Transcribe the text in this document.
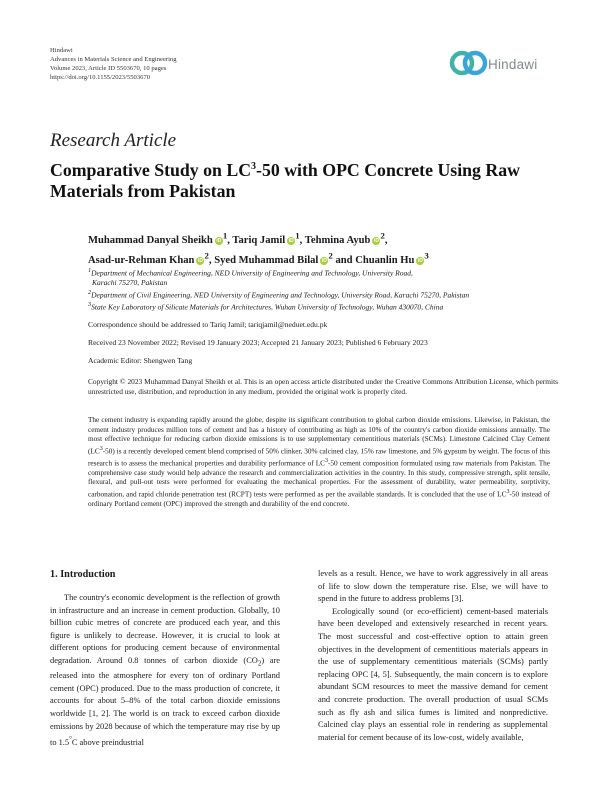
Hindawi
Advances in Materials Science and Engineering
Volume 2023, Article ID 5503670, 10 pages
https://doi.org/10.1155/2023/5503670
Hindawi
Research Article
Comparative Study on $LC^3-50$ with OPC Concrete Using Raw Materials from Pakistan
Muhammad Danyal Sheikh $iD^1$, Tariq Jamil $iD^1$, Tehmina Ayub $iD^2$,
Asad-ur-Rehman Khan $iD^2$, Syed Muhammad Bilal $iD^2$ and Chuanlin Hu $iD^3$
$^1$Department of Mechanical Engineering, NED University of Engineering and Technology, University Road,
Karachi 75270, Pakistan
$^2$Department of Civil Engineering, NED University of Engineering and Technology, University Road, Karachi 75270, Pakistan
$^3$State Key Laboratory of Silicate Materials for Architectures, Wuhan University of Technology, Wuhan 430070, China
Correspondence should be addressed to Tariq Jamil; tariqjamil@neduet.edu.pk
Received 23 November 2022; Revised 19 January 2023; Accepted 21 January 2023; Published 6 February 2023
Academic Editor: Shengwen Tang
Copyright © 2023 Muhammad Danyal Sheikh et al. This is an open access article distributed under the Creative Commons Attribution License, which permits unrestricted use, distribution, and reproduction in any medium, provided the original work is properly cited.
The cement industry is expanding rapidly around the globe, despite its significant contribution to global carbon dioxide emissions. Likewise, in Pakistan, the cement industry produces million tons of cement and has a history of contributing as high as 10% of the country's carbon dioxide emissions annually. The most effective technique for reducing carbon dioxide emissions is to use supplementary cementitious materials (SCMs). Limestone Calcined Clay Cement $(LC^3-50)$ is a recently developed cement blend comprised of 50% clinker, 30% calcined clay, 15% raw limestone, and 5% gypsum by weight. The focus of this research is to assess the mechanical properties and durability performance of $LC^3-50$ cement composition formulated using raw materials from Pakistan. The comprehensive case study would help advance the research and commercialization activities in the country. In this study, compressive strength, split tensile, flexural, and pull-out tests were performed for evaluating the mechanical properties. For the assessment of durability, water permeability, sorptivity, carbonation, and rapid chloride penetration test (RCPT) tests were performed as per the available standards. It is concluded that the use of $LC^3-50$ instead of ordinary Portland cement (OPC) improved the strength and durability of the end concrete.
1. Introduction

The country's economic development is the reflection of growth in infrastructure and an increase in cement production. Globally, 10 billion cubic metres of concrete are produced each year, and this figure is unlikely to decrease. However, it is crucial to look at different options for producing cement because of environmental degradation. Around 0.8 tonnes of carbon dioxide $(CO_2)$ are released into the atmosphere for every ton of ordinary Portland cement (OPC) produced. Due to the mass production of concrete, it accounts for about 5–8% of the total carbon dioxide emissions worldwide [1, 2]. The world is on track to exceed carbon dioxide emissions by 2028 because of which the temperature may rise by up to 1.5°C above preindustrial

levels as a result. Hence, we have to work aggressively in all areas of life to slow down the temperature rise. Else, we will have to spend in the future to address problems [3].

Ecologically sound (or eco-efficient) cement-based materials have been developed and extensively researched in recent years. The most successful and cost-effective option to attain green objectives in the development of cementitious materials appears in the use of supplementary cementitious materials (SCMs) partly replacing OPC [4, 5]. Subsequently, the main concern is to explore abundant SCM resources to meet the massive demand for cement and concrete production. The overall production of usual SCMs such as fly ash and silica fumes is limited and nonpredictive. Calcined clay plays an essential role in rendering as supplemental material for cement because of its low-cost, widely available,
